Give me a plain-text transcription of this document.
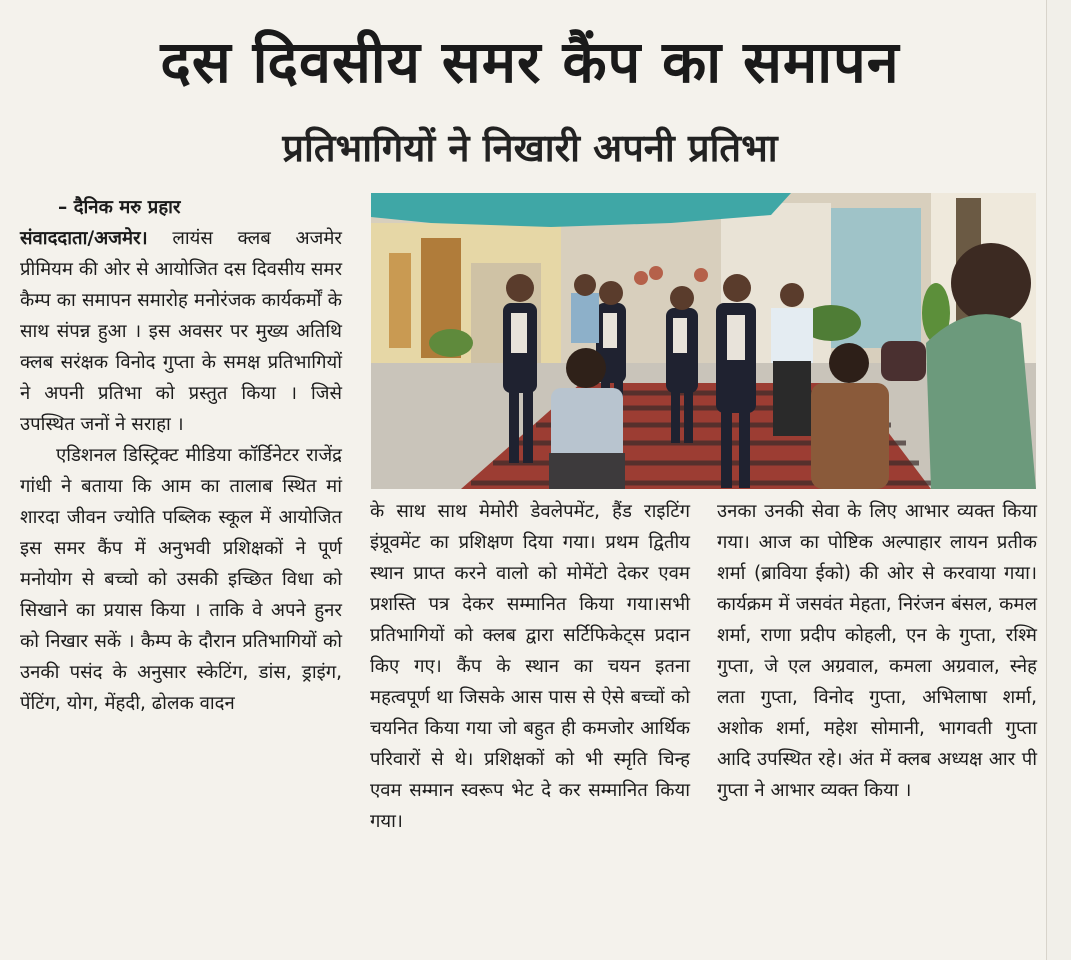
दस दिवसीय समर कैंप का समापन
प्रतिभागियों ने निखारी अपनी प्रतिभा

– दैनिक मरु प्रहार

संवाददाता/अजमेर। लायंस क्लब अजमेर प्रीमियम की ओर से आयोजित दस दिवसीय समर कैम्प का समापन समारोह मनोरंजक कार्यकर्मों के साथ संपन्न हुआ । इस अवसर पर मुख्य अतिथि क्लब सरंक्षक विनोद गुप्ता के समक्ष प्रतिभागियों ने अपनी प्रतिभा को प्रस्तुत किया । जिसे उपस्थित जनों ने सराहा ।

एडिशनल डिस्ट्रिक्ट मीडिया कॉर्डिनेटर राजेंद्र गांधी ने बताया कि आम का तालाब स्थित मां शारदा जीवन ज्योति पब्लिक स्कूल में आयोजित इस समर कैंप में अनुभवी प्रशिक्षकों ने पूर्ण मनोयोग से बच्चो को उसकी इच्छित विधा को सिखाने का प्रयास किया । ताकि वे अपने हुनर को निखार सकें । कैम्प के दौरान प्रतिभागियों को उनकी पसंद के अनुसार स्केटिंग, डांस, ड्राइंग, पेंटिंग, योग, मेंहदी, ढोलक वादन

के साथ साथ मेमोरी डेवलेपमेंट, हैंड राइटिंग इंप्रूवमेंट का प्रशिक्षण दिया गया। प्रथम द्वितीय स्थान प्राप्त करने वालो को मोमेंटो देकर एवम प्रशस्ति पत्र देकर सम्मानित किया गया।सभी प्रतिभागियों को क्लब द्वारा सर्टिफिकेट्स प्रदान किए गए। कैंप के स्थान का चयन इतना महत्वपूर्ण था जिसके आस पास से ऐसे बच्चों को चयनित किया गया जो बहुत ही कमजोर आर्थिक परिवारों से थे। प्रशिक्षकों को भी स्मृति चिन्ह एवम सम्मान स्वरूप भेट दे कर सम्मानित किया गया।

उनका उनकी सेवा के लिए आभार व्यक्त किया गया। आज का पोष्टिक अल्पाहार लायन प्रतीक शर्मा (ब्राविया ईको) की ओर से करवाया गया। कार्यक्रम में जसवंत मेहता, निरंजन बंसल, कमल शर्मा, राणा प्रदीप कोहली, एन के गुप्ता, रश्मि गुप्ता, जे एल अग्रवाल, कमला अग्रवाल, स्नेह लता गुप्ता, विनोद गुप्ता, अभिलाषा शर्मा, अशोक शर्मा, महेश सोमानी, भागवती गुप्ता आदि उपस्थित रहे। अंत में क्लब अध्यक्ष आर पी गुप्ता ने आभार व्यक्त किया ।
